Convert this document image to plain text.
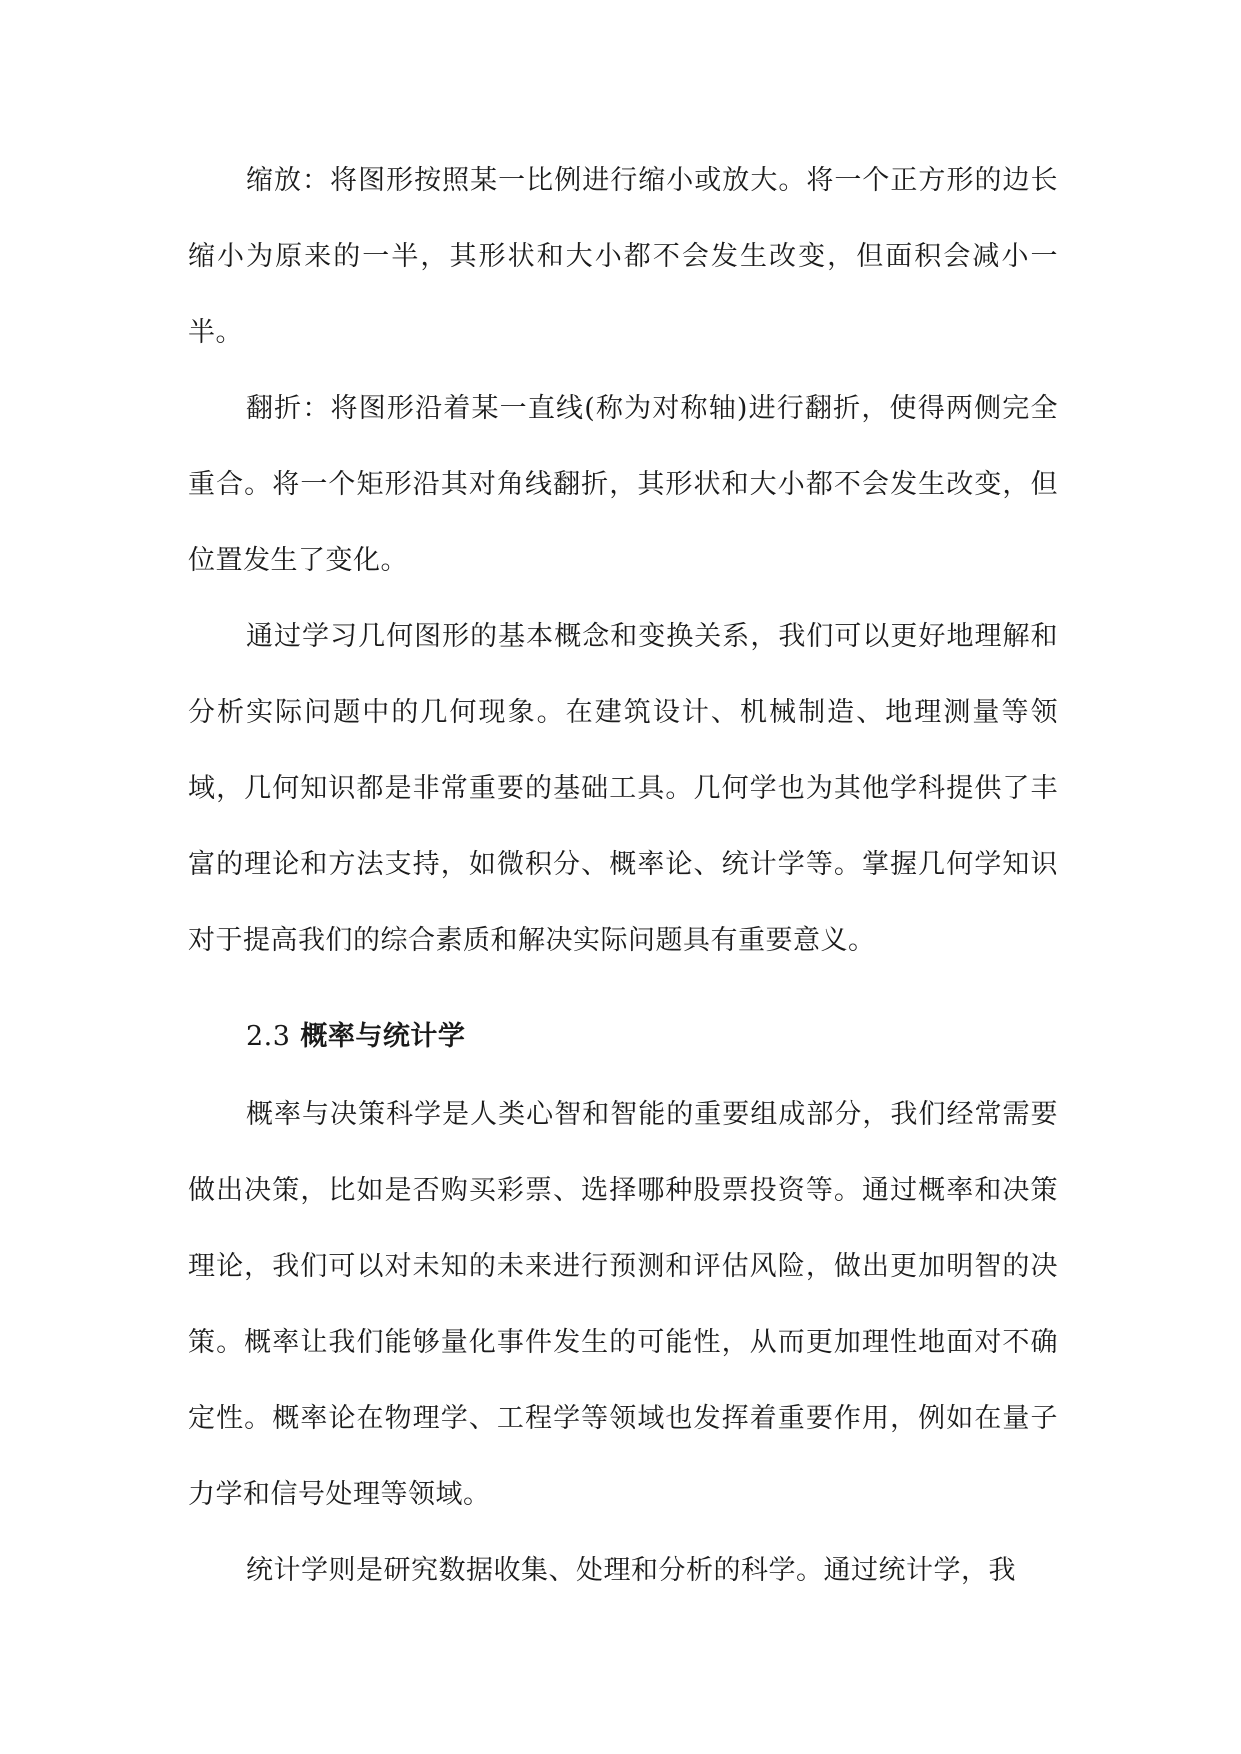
缩放：将图形按照某一比例进行缩小或放大。将一个正方形的边长缩小为原来的一半，其形状和大小都不会发生改变，但面积会减小一半。

翻折：将图形沿着某一直线(称为对称轴)进行翻折，使得两侧完全重合。将一个矩形沿其对角线翻折，其形状和大小都不会发生改变，但位置发生了变化。

通过学习几何图形的基本概念和变换关系，我们可以更好地理解和分析实际问题中的几何现象。在建筑设计、机械制造、地理测量等领域，几何知识都是非常重要的基础工具。几何学也为其他学科提供了丰富的理论和方法支持，如微积分、概率论、统计学等。掌握几何学知识对于提高我们的综合素质和解决实际问题具有重要意义。

2.3 概率与统计学

概率与决策科学是人类心智和智能的重要组成部分，我们经常需要做出决策，比如是否购买彩票、选择哪种股票投资等。通过概率和决策理论，我们可以对未知的未来进行预测和评估风险，做出更加明智的决策。概率让我们能够量化事件发生的可能性，从而更加理性地面对不确定性。概率论在物理学、工程学等领域也发挥着重要作用，例如在量子力学和信号处理等领域。

统计学则是研究数据收集、处理和分析的科学。通过统计学，我
